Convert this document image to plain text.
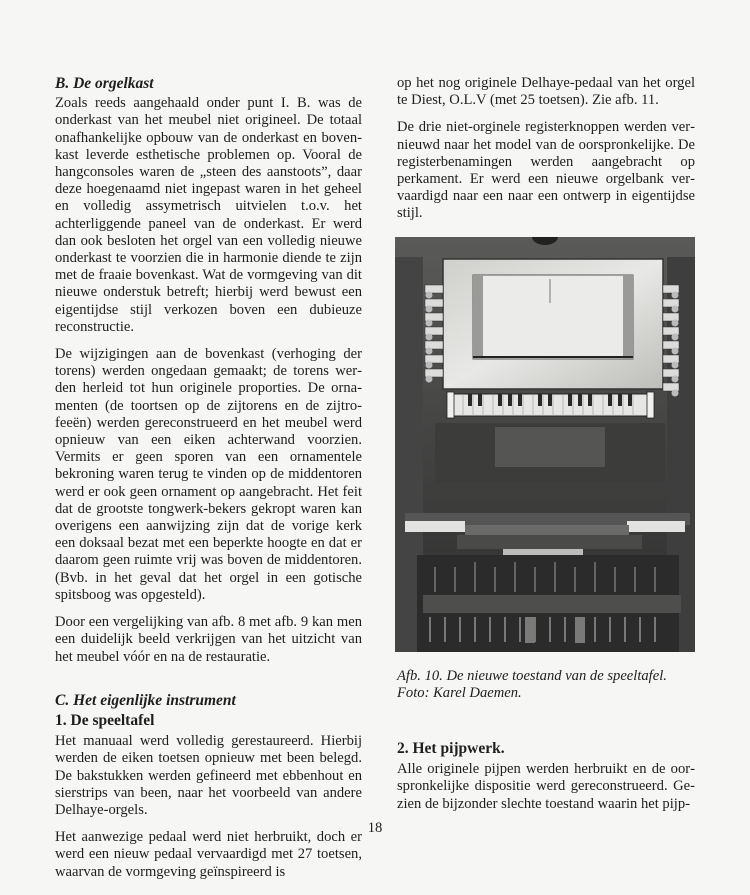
B. De orgelkast

Zoals reeds aangehaald onder punt I. B. was de onderkast van het meubel niet origineel. De totaal onafhankelijke opbouw van de onderkast en bovenkast leverde esthetische problemen op. Vooral de hangconsoles waren de „steen des aanstoots”, daar deze hoegenaamd niet ingepast waren in het geheel en volledig assymetrisch uitvielen t.o.v. het achterliggende paneel van de onderkast. Er werd dan ook besloten het orgel van een volledig nieuwe onderkast te voorzien die in harmonie diende te zijn met de fraaie bovenkast. Wat de vormgeving van dit nieuwe onderstuk betreft; hierbij werd bewust een eigentijdse stijl verkozen boven een dubieuze reconstructie.

De wijzigingen aan de bovenkast (verhoging der torens) werden ongedaan gemaakt; de torens werden herleid tot hun originele proporties. De ornamenten (de toortsen op de zijtorens en de zijtrofeeën) werden gereconstrueerd en het meubel werd opnieuw van een eiken achterwand voorzien. Vermits er geen sporen van een ornamentele bekroning waren terug te vinden op de middentoren werd er ook geen ornament op aangebracht. Het feit dat de grootste tongwerk-bekers gekropt waren kan overigens een aanwijzing zijn dat de vorige kerk een doksaal bezat met een beperkte hoogte en dat er daarom geen ruimte vrij was boven de middentoren. (Bvb. in het geval dat het orgel in een gotische spitsboog was opgesteld).

Door een vergelijking van afb. 8 met afb. 9 kan men een duidelijk beeld verkrijgen van het uitzicht van het meubel vóór en na de restauratie.

C. Het eigenlijke instrument
1. De speeltafel

Het manuaal werd volledig gerestaureerd. Hierbij werden de eiken toetsen opnieuw met been belegd. De bakstukken werden gefineerd met ebbenhout en sierstrips van been, naar het voorbeeld van andere Delhaye-orgels.

Het aanwezige pedaal werd niet herbruikt, doch er werd een nieuw pedaal vervaardigd met 27 toetsen, waarvan de vormgeving geïnspireerd is

op het nog originele Delhaye-pedaal van het orgel te Diest, O.L.V (met 25 toetsen). Zie afb. 11.

De drie niet-orginele registerknoppen werden vernieuwd naar het model van de oorspronkelijke. De registerbenamingen werden aangebracht op perkament. Er werd een nieuwe orgelbank vervaardigd naar een naar een ontwerp in eigentijdse stijl.

Afb. 10. De nieuwe toestand van de speeltafel.
Foto: Karel Daemen.
2. Het pijpwerk.

Alle originele pijpen werden herbruikt en de oorspronkelijke dispositie werd gereconstrueerd. Gezien de bijzonder slechte toestand waarin het pijp-

18
